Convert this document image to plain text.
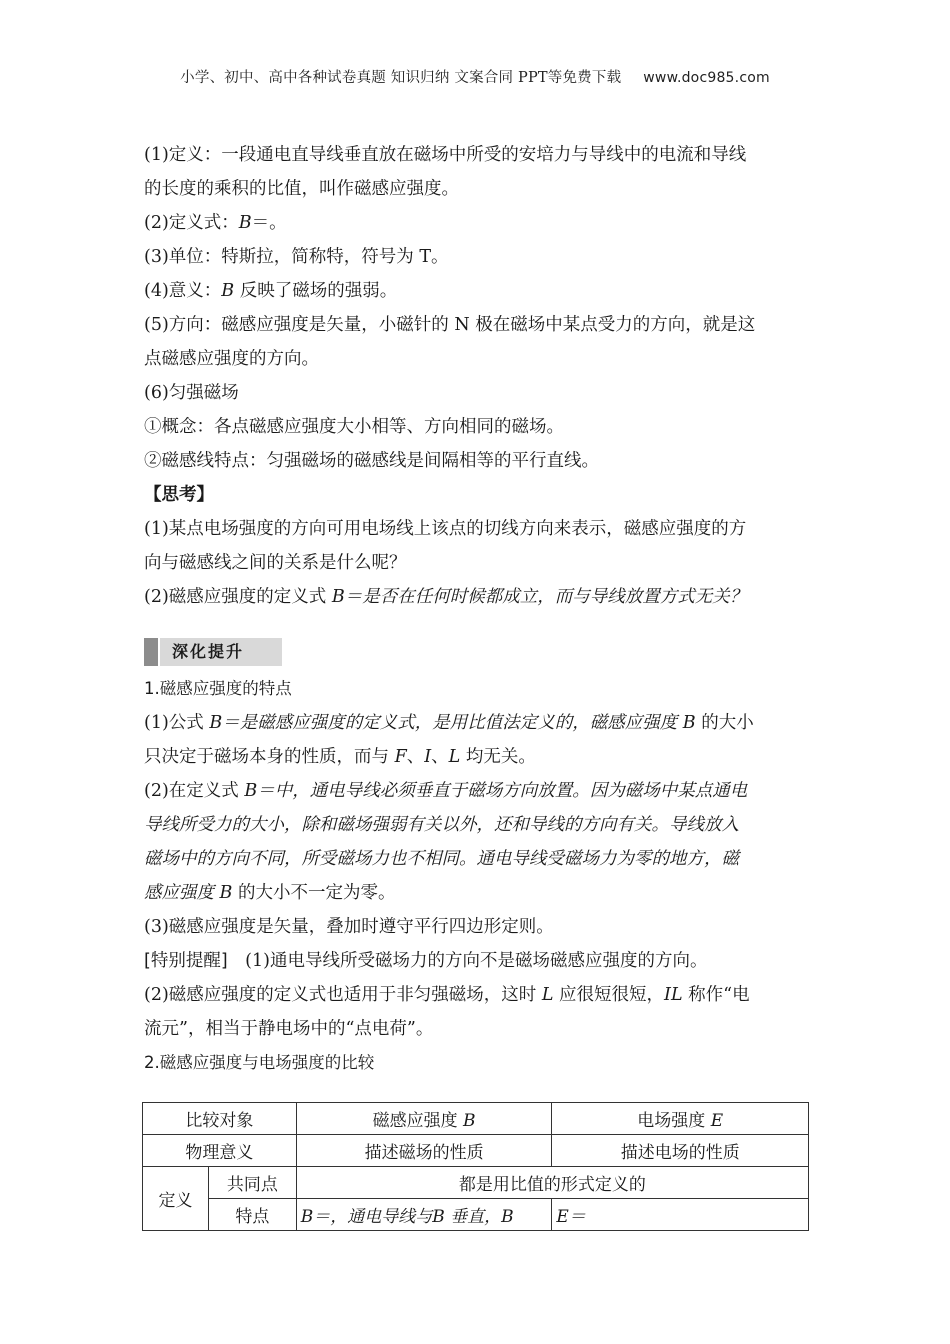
小学、初中、高中各种试卷真题 知识归纳 文案合同 PPT等免费下载 www.doc985.com

(1)定义：一段通电直导线垂直放在磁场中所受的安培力与导线中的电流和导线

的长度的乘积的比值，叫作磁感应强度。

(2)定义式：B＝。

(3)单位：特斯拉，简称特，符号为 T。

(4)意义：B 反映了磁场的强弱。

(5)方向：磁感应强度是矢量，小磁针的 N 极在磁场中某点受力的方向，就是这

点磁感应强度的方向。

(6)匀强磁场

①概念：各点磁感应强度大小相等、方向相同的磁场。

②磁感线特点：匀强磁场的磁感线是间隔相等的平行直线。

【思考】

(1)某点电场强度的方向可用电场线上该点的切线方向来表示，磁感应强度的方

向与磁感线之间的关系是什么呢？

(2)磁感应强度的定义式 B＝是否在任何时候都成立，而与导线放置方式无关？

深化提升

1.磁感应强度的特点

(1)公式 B＝是磁感应强度的定义式，是用比值法定义的，磁感应强度 B 的大小

只决定于磁场本身的性质，而与 F、I、L 均无关。

(2)在定义式 B＝中，通电导线必须垂直于磁场方向放置。因为磁场中某点通电

导线所受力的大小，除和磁场强弱有关以外，还和导线的方向有关。导线放入

磁场中的方向不同，所受磁场力也不相同。通电导线受磁场力为零的地方，磁

感应强度 B 的大小不一定为零。

(3)磁感应强度是矢量，叠加时遵守平行四边形定则。

[特别提醒]　(1)通电导线所受磁场力的方向不是磁场磁感应强度的方向。

(2)磁感应强度的定义式也适用于非匀强磁场，这时 L 应很短很短，IL 称作“电

流元”，相当于静电场中的“点电荷”。

2.磁感应强度与电场强度的比较

比较对象		磁感应强度 B	电场强度 E
物理意义		描述磁场的性质	描述电场的性质
定义	共同点	都是用比值的形式定义的	
	特点	B＝，通电导线与B 垂直，B	E＝
